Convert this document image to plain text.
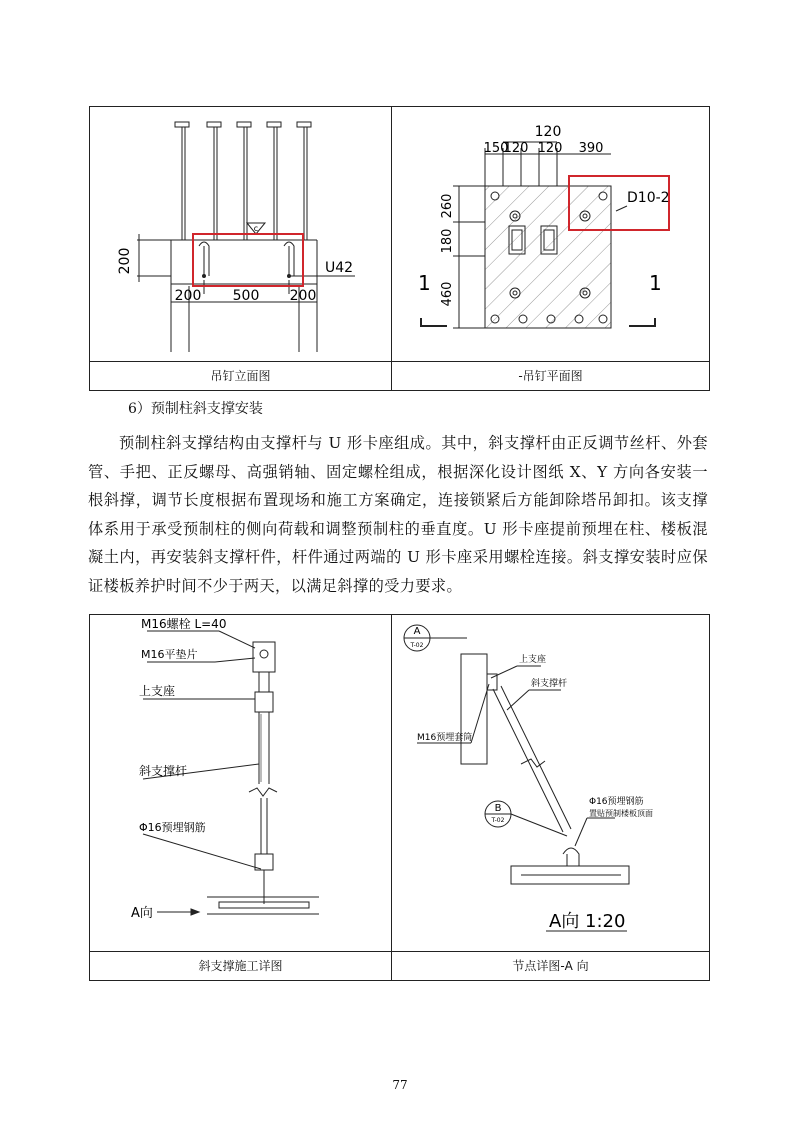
吊钉立面图	-吊钉平面图
c
200	U42
200 500 200
120
150
120 120 390
260
180
460
D10-2
1	1
6）预制柱斜支撑安装
预制柱斜支撑结构由支撑杆与 U 形卡座组成。其中，斜支撑杆由正反调节丝杆、外套管、手把、正反螺母、高强销轴、固定螺栓组成，根据深化设计图纸 X、Y 方向各安装一根斜撑，调节长度根据布置现场和施工方案确定，连接锁紧后方能卸除塔吊卸扣。该支撑体系用于承受预制柱的侧向荷载和调整预制柱的垂直度。U 形卡座提前预埋在柱、楼板混凝土内，再安装斜支撑杆件，杆件通过两端的 U 形卡座采用螺栓连接。斜支撑安装时应保证楼板养护时间不少于两天，以满足斜撑的受力要求。
斜支撑施工详图	节点详图-A 向
M16螺栓 L=40
M16平垫片
上支座
斜支撑杆
Φ16预埋钢筋
A向
A
T-02
上支座
斜支撑杆
M16预埋套筒
B
T-02
Φ16预埋钢筋
置贴预制楼板顶面
A向 1:20
77
